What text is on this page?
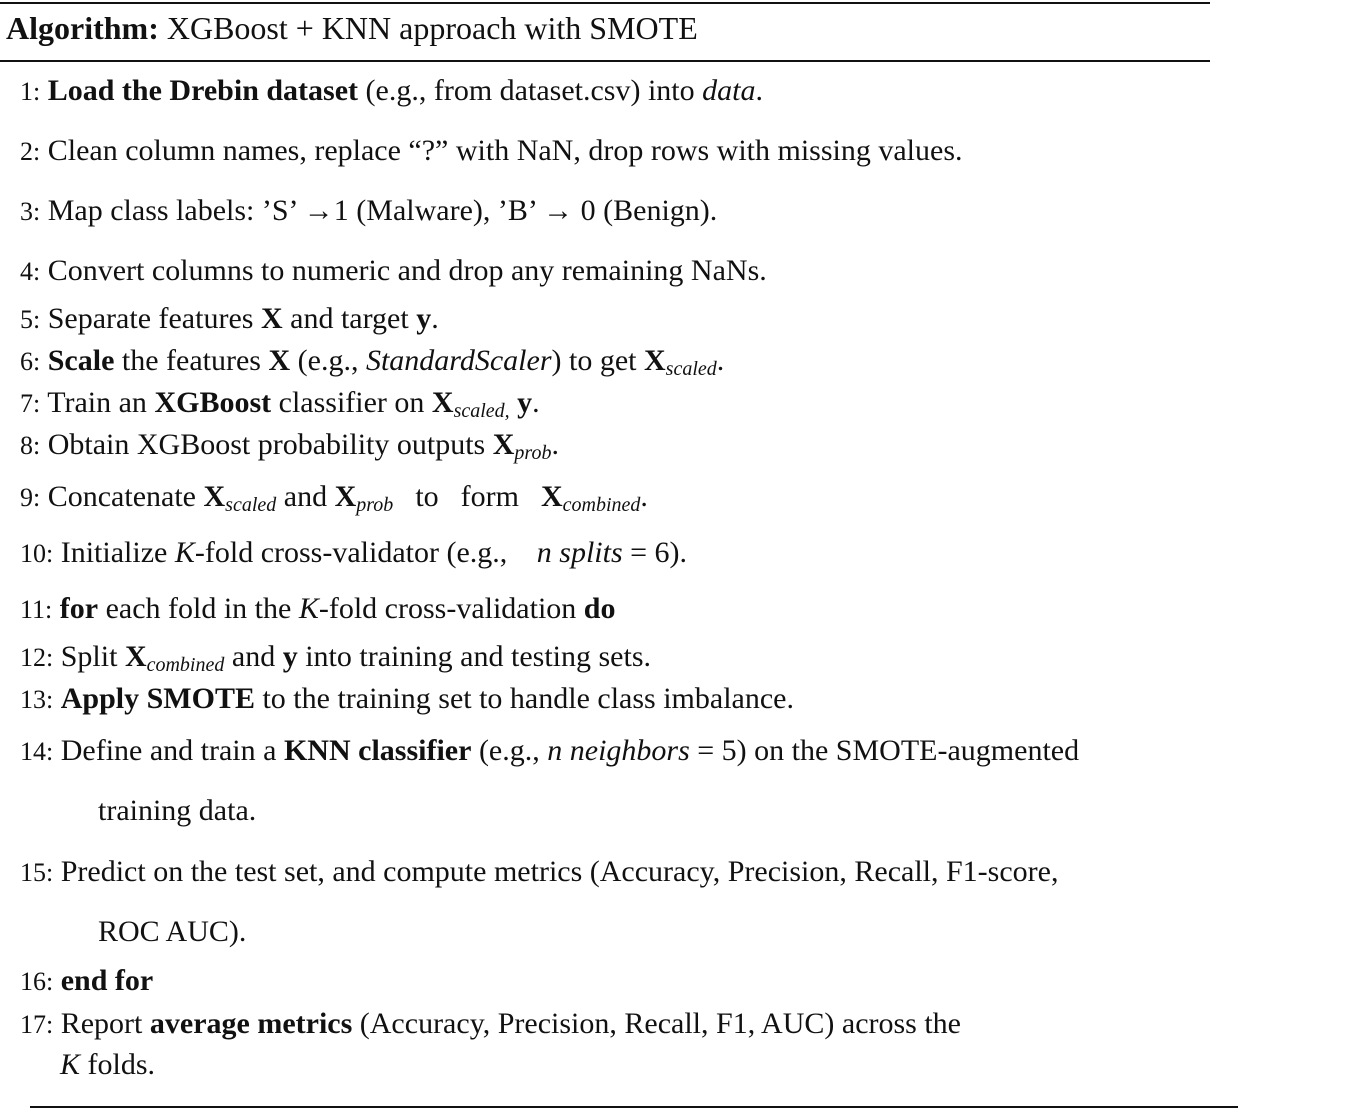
Algorithm: XGBoost + KNN approach with SMOTE
1: Load the Drebin dataset (e.g., from dataset.csv) into data.
2: Clean column names, replace “?” with NaN, drop rows with missing values.
3: Map class labels: ’S’ →1 (Malware), ’B’ → 0 (Benign).
4: Convert columns to numeric and drop any remaining NaNs.
5: Separate features X and target y.
6: Scale the features X (e.g., StandardScaler) to get $X_{scaled}$.
7: Train an XGBoost classifier on $X_{scaled,}$ y.
8: Obtain XGBoost probability outputs $X_{prob}$.
9: Concatenate $X_{scaled}$ and $X_{prob}$ to form $X_{combined}$.
10: Initialize K-fold cross-validator (e.g., n splits = 6).
11: for each fold in the K-fold cross-validation do
12: Split $X_{combined}$ and y into training and testing sets.
13: Apply SMOTE to the training set to handle class imbalance.
14: Define and train a KNN classifier (e.g., n neighbors = 5) on the SMOTE-augmented
training data.
15: Predict on the test set, and compute metrics (Accuracy, Precision, Recall, F1-score,
ROC AUC).
16: end for
17: Report average metrics (Accuracy, Precision, Recall, F1, AUC) across the
K folds.
